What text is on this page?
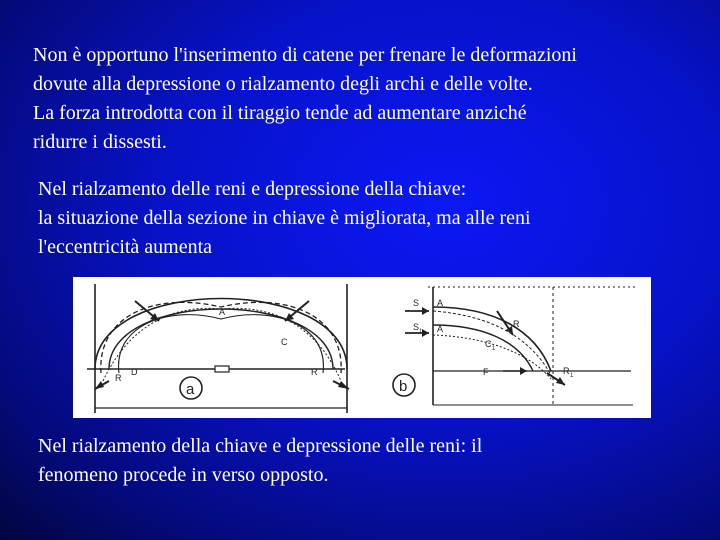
Non è opportuno l'inserimento di catene per frenare le deformazioni
dovute alla depressione o rialzamento degli archi e delle volte.
La forza introdotta con il tiraggio tende ad aumentare anziché
ridurre i dissesti.
Nel rialzamento delle reni e depressione della chiave:
la situazione della sezione in chiave è migliorata, ma alle reni
l'eccentricità aumenta
A
C
D
R
R
a
S
S 1
A
A	R
C 1
F	R 1
b
Nel rialzamento della chiave e depressione delle reni: il
fenomeno procede in verso opposto.
